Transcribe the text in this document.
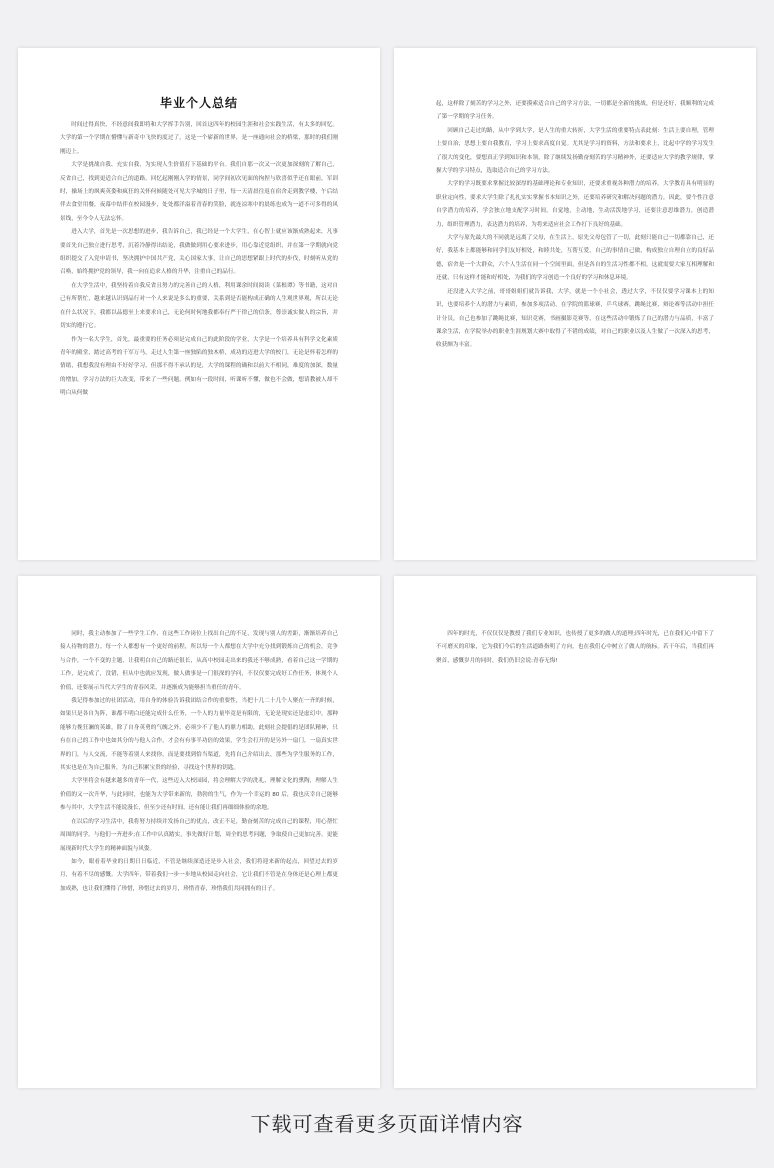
毕业个人总结

时间过得真快，不经意间我即将和大学挥手告别，回首这四年的校园生涯和社会实践生活，有太多的回忆。大学的第一个学期在懵懂与新奇中飞快的度过了，这是一个崭新的世界，是一座通向社会的桥梁，那时的我们刚刚迈上。

大学是挑战自我、充实自我，为实现人生价值打下基础的平台。我们自那一次又一次更加深刻的了解自己，反省自己，找到更适合自己的道路。回忆起刚刚入学的情景，同学间初次见面的拘捏与欣喜似乎还在眼前，军训时，操场上的飒爽英姿和疯狂的关怀何候随处可见大学城的日子里，每一天清晨往返在宿舍走到教学楼，午后结伴去食堂用餐，夜幕中结伴在校园漫步，处处都洋溢着青春的笑脸，就连凉寒中的晨练也成为一道不可多得的风景线，至今令人无法忘怀。

进入大学，首先是一次思想的进步，我告诉自己，我已经是一个大学生，在心智上就应该渐成熟起来，凡事要首先自己独立进行思考，沉着冷静得出结论，我做做到用心要求进步，用心靠近党组织，并在第一学期就向党组织提交了入党申请书，坚决拥护中国共产党，关心国家大事，让自己的思想紧跟上时代的步伐，时刻听从党的召唤，始终拥护党的领导，我一向在追求人格的升华，注重自己的品行。

在大学生活中，我坚持着自我反省且努力的完善自己的人格，利用课余时间阅读《菜根谭》等书籍，这对自己有所帮忙，越来越认识到品行对一个人来说是多么的重要，关系到是否能构成正确的人生观世界观，所以无论在什么状况下，我都以品德至上来要求自己，无论何时何地我都奉行严于律己的信条，尊崇诚实做人的宗旨，并切实的遵行它。

作为一名大学生，首先，最重要的任务必须是完成自己的此阶段的学业，大学是一个培养具有科学文化素质青年的殿堂，踏过高考的千军万马，走过人生第一座独陷的独木桥，成功的迈进大学的校门，无论是怀着怎样的情绪，我想我没有理由不好好学习，但那不得不承认的是，大学的课程的确和以前大不相同，难度的加深，数量的增加，学习方法的巨大改变，带来了一些问题，例如有一段时间，听课听不懂，做也不会做，想请教被人却不明白从何做

起，这样除了刻苦的学习之外，还要摸索适合自己的学习方法，一切都是全新的挑战，但是还好，我顺利的完成了第一学期的学习任务。

回顾自己走过的路，从中学到大学，是人生的重大转折，大学生活的重要特点表此刻：生活上要自理，管理上要自治，思想上要自我教育，学习上要求高度自觉。尤其是学习的资料，方法和要求上，比起中学的学习发生了很大的变化，要想真正学到知识和本领，除了继续发扬勤奋刻苦的学习精神外，还要适应大学的教学规律，掌握大学的学习特点，选取适合自己的学习方法。

大学的学习既要求掌握比较深厚的基础理论和专业知识，还要求重视各种潜力的培养。大学教育具有明显的职业定向性，要求大学生除了扎扎实实掌握书本知识之外，还要培养研究和解决问题的潜力，因此，要个性注意自学潜力的培养，学会独立地支配学习时间，自觉地，主动地，生动活泼地学习，还要注意思维潜力，创造潜力，组织管理潜力，表达潜力的培养，为将来适应社会工作打下良好的基础。

大学与原先最大的不同就是远离了父母，在生活上，原先父母包管了一切，此刻只能自己一切都靠自己，还好，我基本上都能够和同学们友好相处，和睦共处，互帮互爱，自己的事情自己做，构成独立自理自立的良好品德，宿舍是一个大群众，六个人生活在同一个空间里面，但是各自的生活习性都不相，这就需要大家互相理解和还就，只有这样才能和好相处，为我们的学习创造一个良好的学习和休息环境。

还没进入大学之前，哥哥姐姐们就告诉我，大学，就是一个小社会，透过大学，不仅仅要学习课本上的知识，也要培养个人的潜力与素质，参加多项活动，在学院的篮球赛，乒乓球赛，跳绳比赛，辩论赛等活动中担任计分员，自己也参加了跳绳比赛，知识竞赛，书画摄影竞赛等，在这些活动中锻炼了自己的潜力与品质，丰富了课余生活，在学院举办的职业生涯规划大赛中取得了不错的成绩，对自己的职业以及人生做了一次深入的思考，收获颇为丰富。

同时，我主动参加了一些学生工作，在这些工作岗位上找出自己的不足，发现与别人的差距，渐渐培养自己接人待物的潜力。每一个人都想有一个更好的前程，所以每一个人都想在大学中充分找到锻炼自己的机会，竞争与合作，一个不变的主题，让我明白自己的路还很长，从高中校园走出来的我还不够成熟，看着自己这一学期的工作，是完成了，没错，但从中也就应发现，做人做事是一门很深的学问，不仅仅要完成好工作任务，体现个人价值，还要展示当代大学生的青春风采，并逐渐成为能够担当重任的青年。

我记得参加过的社团活动，用自身的体验告诉我团结合作的重要性，当把十几二十几个人聚在一齐的时候，如果只是各自为阵，谁都不明白还能完成什么任务，一个人的力量毕竟是有限的，无论是现实还是虚幻中，那种能够力挽狂澜的英雄，除了自身英勇的气魄之外，必须少不了他人的鼎力相助，此刻社会提倡的是团队精神，只有在自己的工作中也如其分的与他人合作，才会有有事半功倍的效果，学生会打开的是另外一扇门，一扇真实世界的门，与人交流，不能等着别人来找你，而是要找到恰当渠道，先将自己介绍出去，那些为学生服务的工作，其实也是在为自己服务，为自己积累宝贵的经验，寻找这个世界的钥匙。

大学里将会有越来越多的青年一代，这些迈入大校园园，将会理解大学的洗礼，理解文化的熏陶，理解人生价值的又一次升华，与此同时，也能为大学带来新的，勃勃的生气，作为一个幸运的 80 后，我也庆幸自己能够参与其中，大学生活不能说漫长，但至少还有时间，还有能让我们再细细体验的余地。

在以后的学习生活中，我将努力持续并发扬自己的优点，改正不足，勤奋刻苦的完成自己的课程，用心帮忙周围的同学，与他们一齐进步;在工作中认真踏实，事先做好计划，周全的思考问题，争取使自己更加完善，更能展现新时代大学生的精神面貌与风姿。

如今，眼看着毕业的日期日日临近，不管是继续深造还是步入社会，我们将迎来新的起点，回望过去的岁月，有着不尽的感慨。大学四年，带着我们一步一步地从校园走向社会，它让我们不管是在身体还是心理上都更加成熟，也让我们懂得了珍惜，珍惜过去的岁月，珍惜青春，珍惜我们共同拥有的日子。

四年的时光，不仅仅仅是教授了我们专业知识，也传授了更多的做人的道理;四年时光，已在我们心中留下了不可磨灭的印象，它为我们今后的生活道路指明了方向，也在我们心中树立了做人的航标。若干年后，当我们再聚首，感慨岁月的同时，我们仍旧会说:青春无悔!

下载可查看更多页面详情内容
